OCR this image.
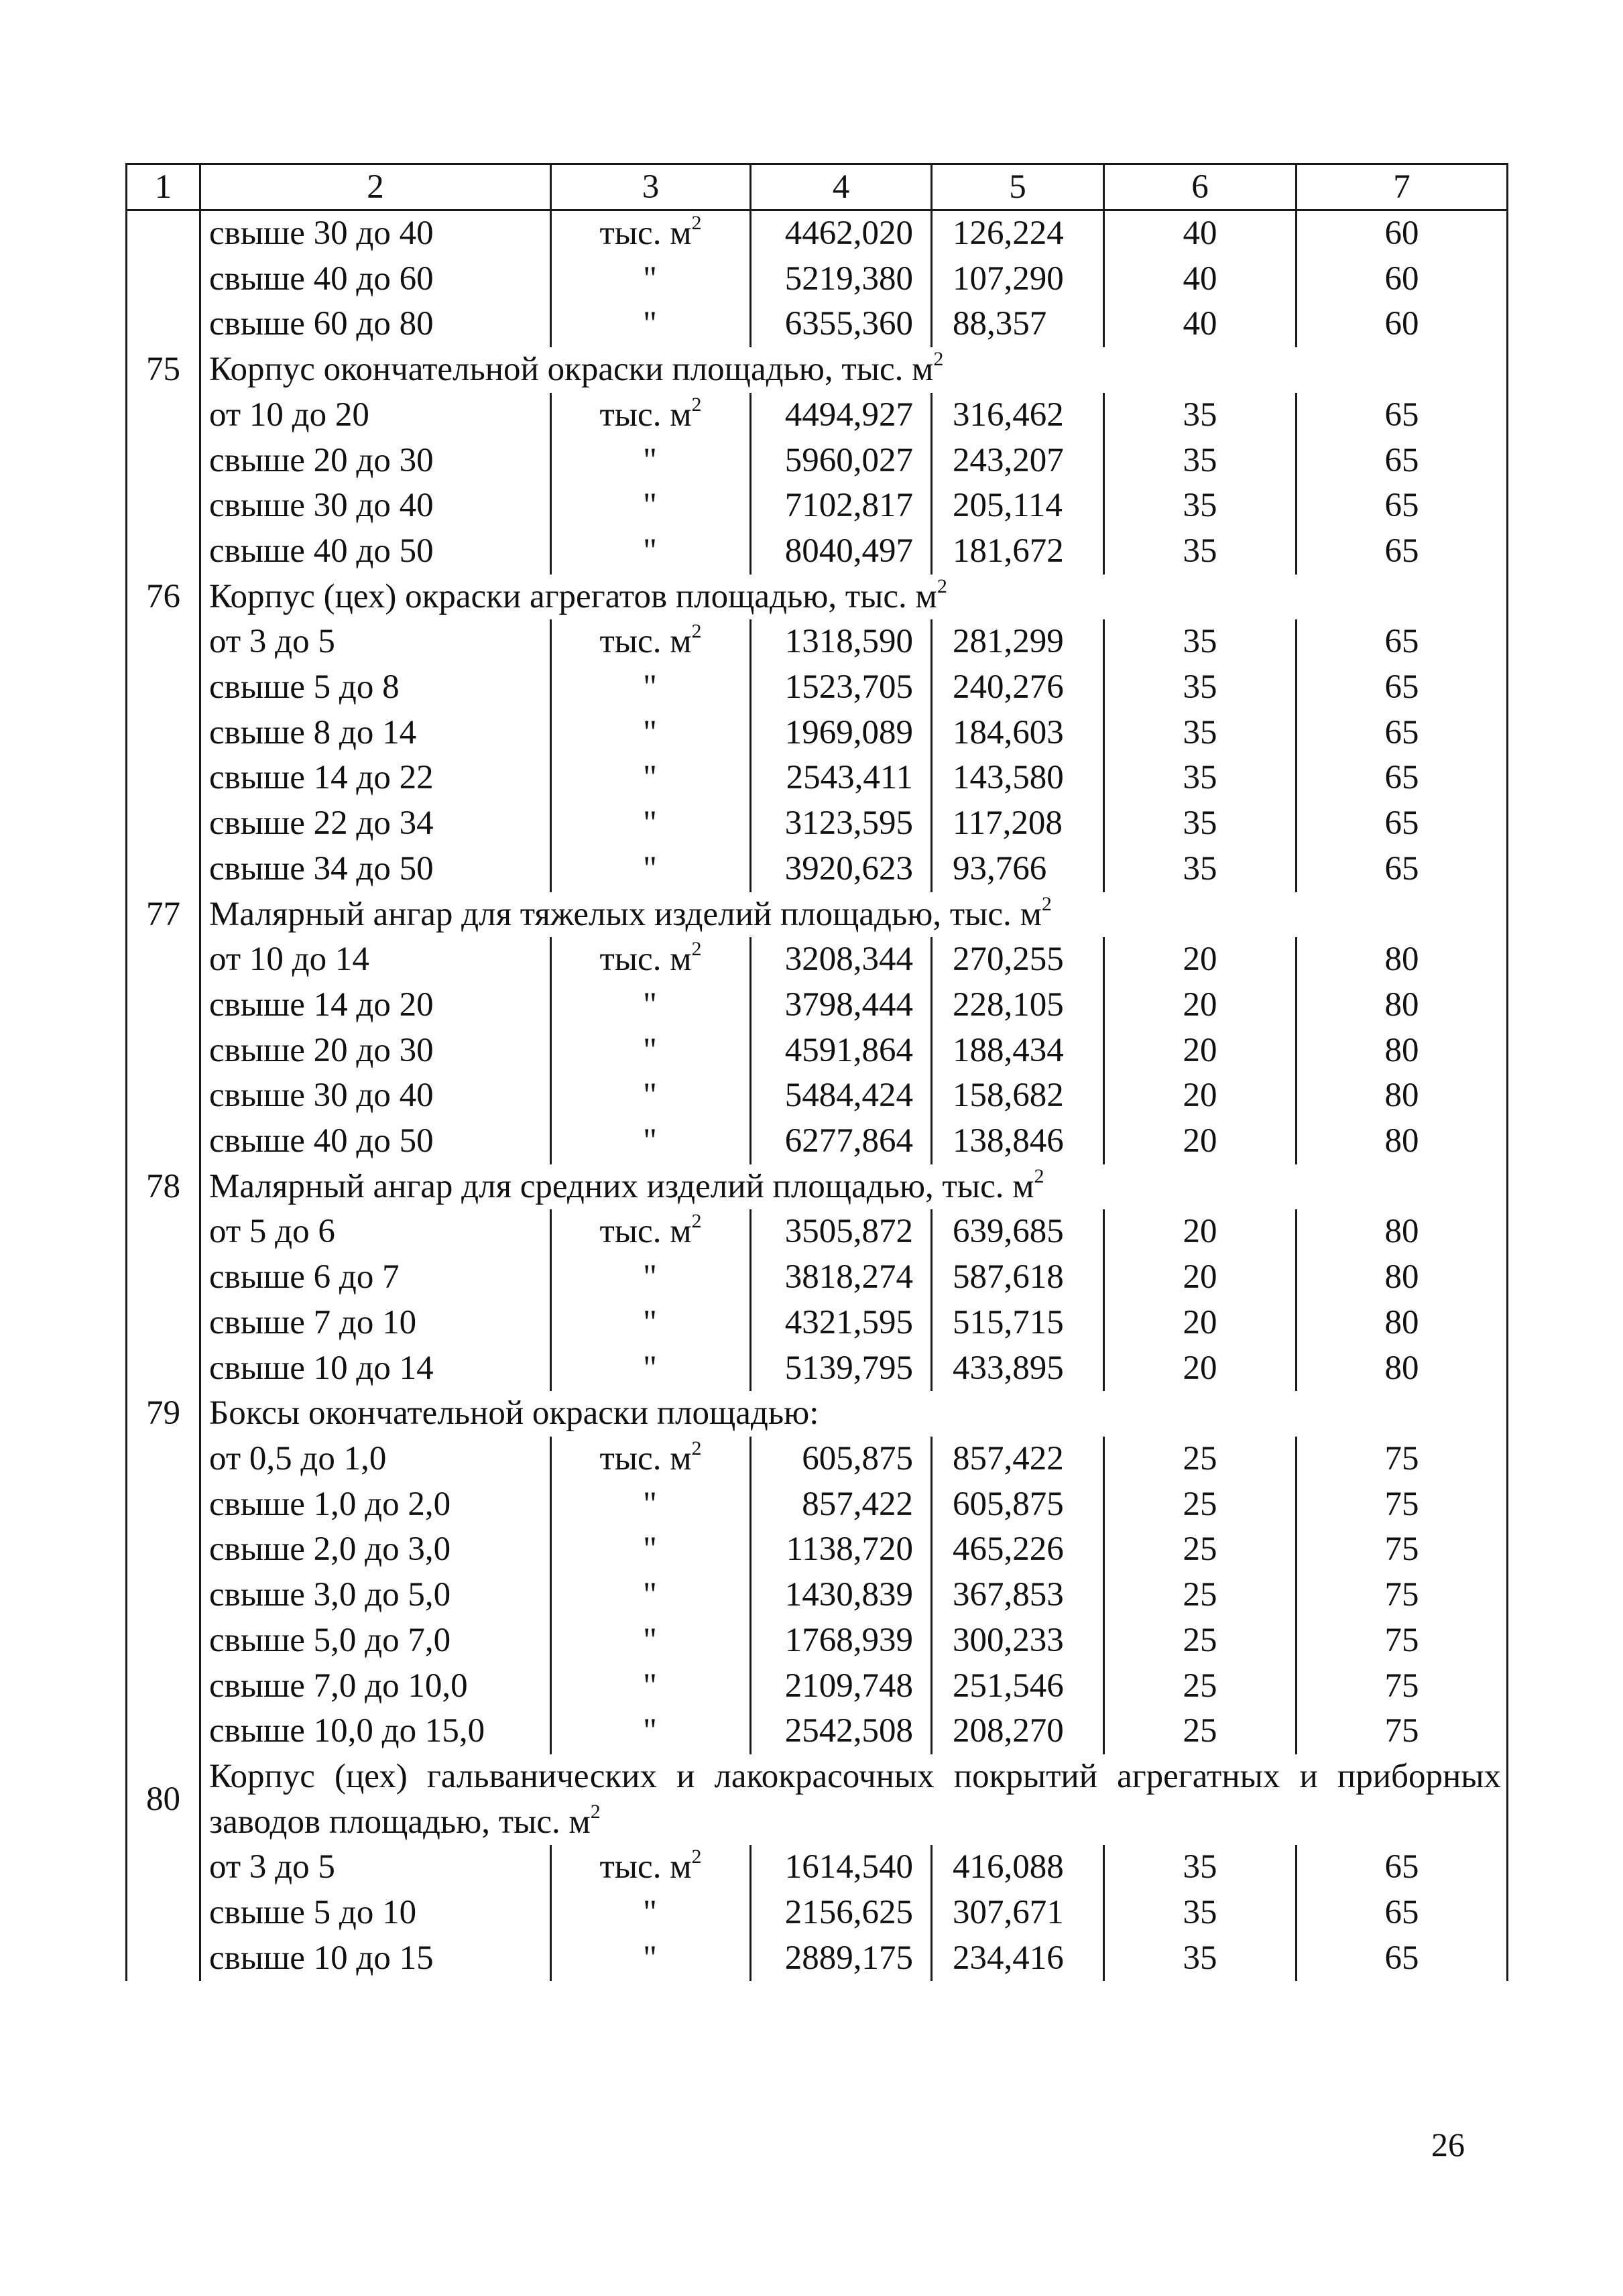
1	2	3	4	5	6	7
	свыше 30 до 40	тыс. $м^2$	4462,020	126,224	40	60
	свыше 40 до 60	"	5219,380	107,290	40	60
	свыше 60 до 80	"	6355,360	88,357	40	60
75	Корпус окончательной окраски площадью, тыс. $м^2$
	от 10 до 20	тыс. $м^2$	4494,927	316,462	35	65
	свыше 20 до 30	"	5960,027	243,207	35	65
	свыше 30 до 40	"	7102,817	205,114	35	65
	свыше 40 до 50	"	8040,497	181,672	35	65
76	Корпус (цех) окраски агрегатов площадью, тыс. $м^2$
	от 3 до 5	тыс. $м^2$	1318,590	281,299	35	65
	свыше 5 до 8	"	1523,705	240,276	35	65
	свыше 8 до 14	"	1969,089	184,603	35	65
	свыше 14 до 22	"	2543,411	143,580	35	65
	свыше 22 до 34	"	3123,595	117,208	35	65
	свыше 34 до 50	"	3920,623	93,766	35	65
77	Малярный ангар для тяжелых изделий площадью, тыс. $м^2$
	от 10 до 14	тыс. $м^2$	3208,344	270,255	20	80
	свыше 14 до 20	"	3798,444	228,105	20	80
	свыше 20 до 30	"	4591,864	188,434	20	80
	свыше 30 до 40	"	5484,424	158,682	20	80
	свыше 40 до 50	"	6277,864	138,846	20	80
78	Малярный ангар для средних изделий площадью, тыс. $м^2$
	от 5 до 6	тыс. $м^2$	3505,872	639,685	20	80
	свыше 6 до 7	"	3818,274	587,618	20	80
	свыше 7 до 10	"	4321,595	515,715	20	80
	свыше 10 до 14	"	5139,795	433,895	20	80
79	Боксы окончательной окраски площадью:					
	от 0,5 до 1,0	тыс. $м^2$	605,875	857,422	25	75
	свыше 1,0 до 2,0	"	857,422	605,875	25	75
	свыше 2,0 до 3,0	"	1138,720	465,226	25	75
	свыше 3,0 до 5,0	"	1430,839	367,853	25	75
	свыше 5,0 до 7,0	"	1768,939	300,233	25	75
	свыше 7,0 до 10,0	"	2109,748	251,546	25	75
	свыше 10,0 до 15,0	"	2542,508	208,270	25	75
80	Корпус (цех) гальванических и лакокрасочных покрытий агрегатных и приборных заводов площадью, тыс. $м^2$
	от 3 до 5	тыс. $м^2$	1614,540	416,088	35	65
	свыше 5 до 10	"	2156,625	307,671	35	65
	свыше 10 до 15	"	2889,175	234,416	35	65
26
